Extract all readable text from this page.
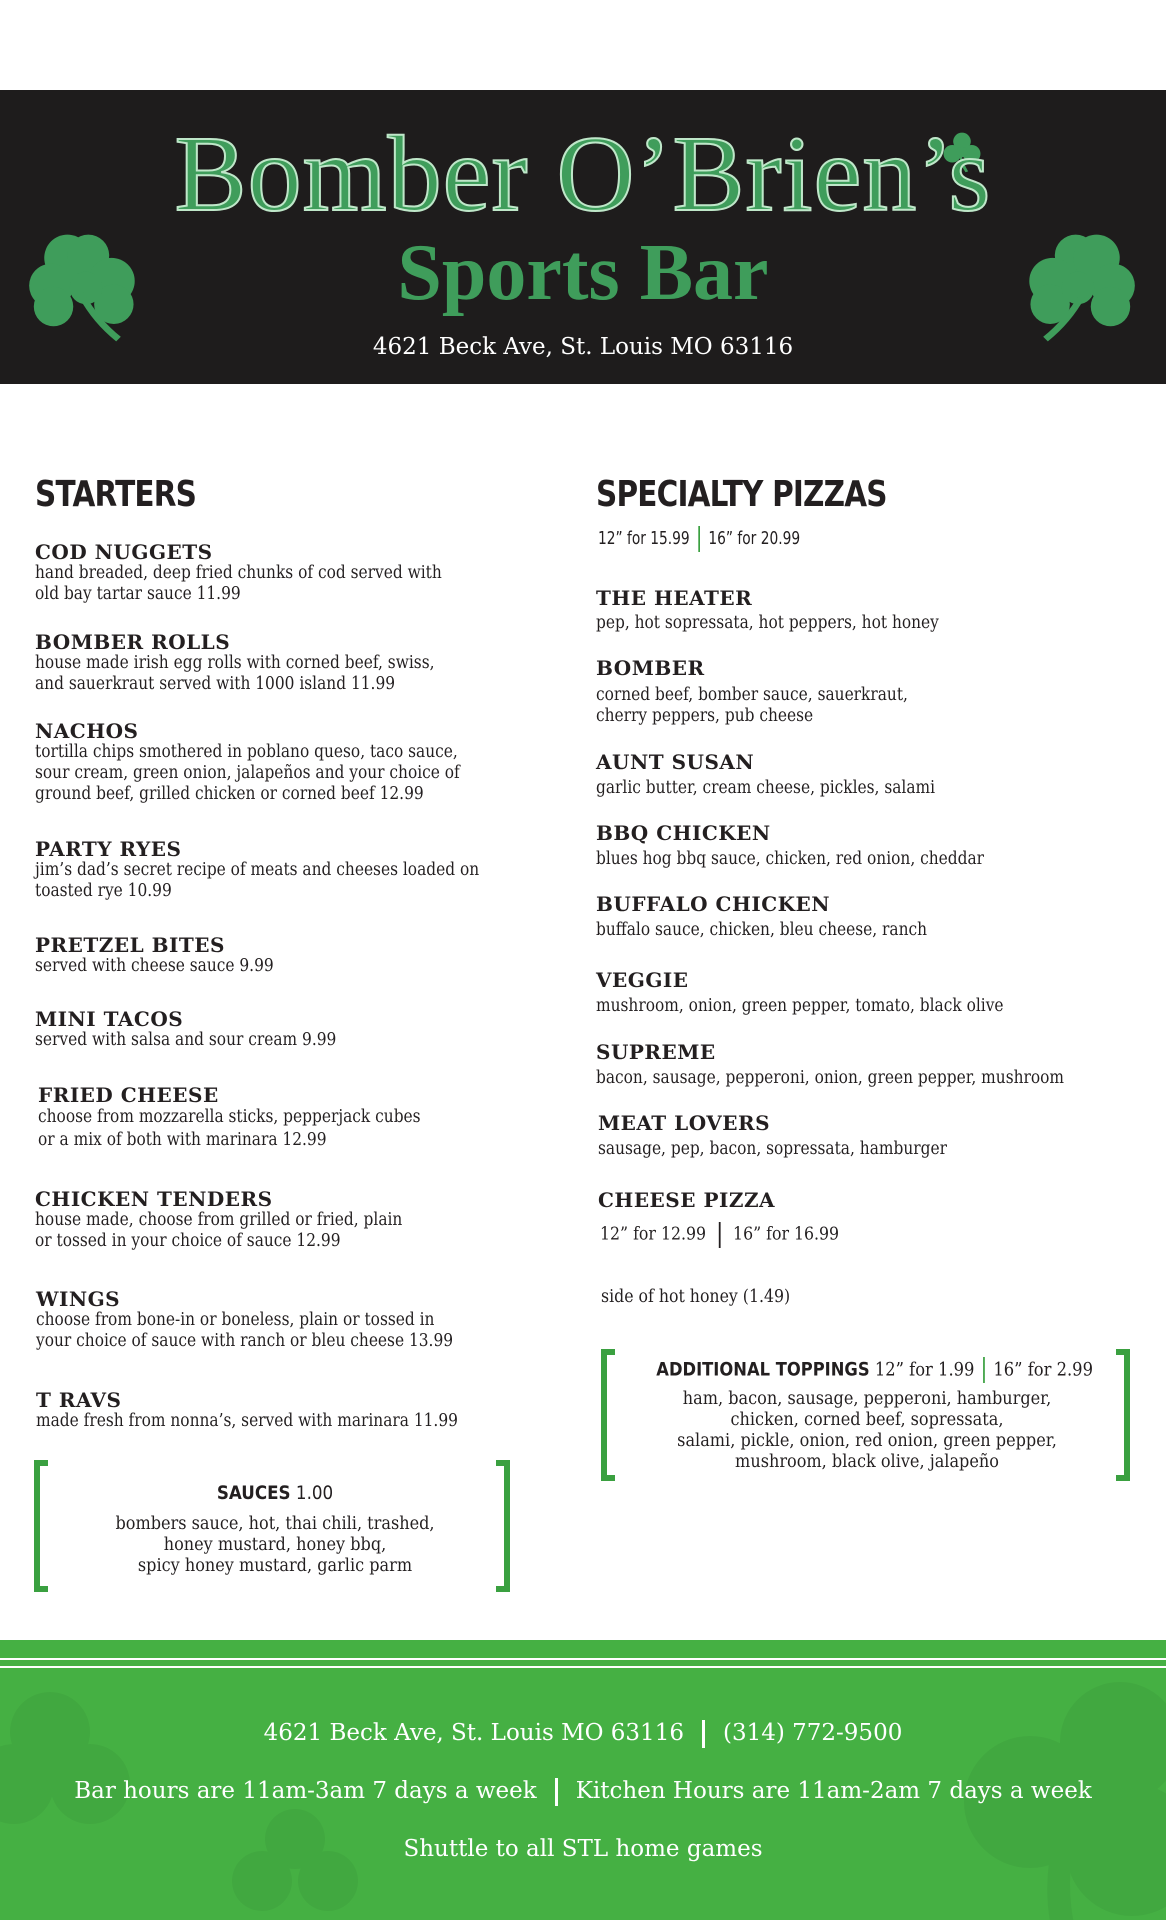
Bomber O’Brien’s
Sports Bar
4621 Beck Ave, St. Louis MO 63116
STARTERS
COD NUGGETS
hand breaded, deep fried chunks of cod served with
old bay tartar sauce 11.99
BOMBER ROLLS
house made irish egg rolls with corned beef, swiss,
and sauerkraut served with 1000 island 11.99
NACHOS
tortilla chips smothered in poblano queso, taco sauce,
sour cream, green onion, jalapeños and your choice of
ground beef, grilled chicken or corned beef 12.99
PARTY RYES
jim’s dad’s secret recipe of meats and cheeses loaded on
toasted rye 10.99
PRETZEL BITES
served with cheese sauce 9.99
MINI TACOS
served with salsa and sour cream 9.99
FRIED CHEESE
choose from mozzarella sticks, pepperjack cubes
or a mix of both with marinara 12.99
CHICKEN TENDERS
house made, choose from grilled or fried, plain
or tossed in your choice of sauce 12.99
WINGS
choose from bone-in or boneless, plain or tossed in
your choice of sauce with ranch or bleu cheese 13.99
T RAVS
made fresh from nonna’s, served with marinara 11.99
SAUCES 1.00
bombers sauce, hot, thai chili, trashed,
honey mustard, honey bbq,
spicy honey mustard, garlic parm
SPECIALTY PIZZAS
12” for 15.99 16” for 20.99
THE HEATER
pep, hot sopressata, hot peppers, hot honey
BOMBER
corned beef, bomber sauce, sauerkraut,
cherry peppers, pub cheese
AUNT SUSAN
garlic butter, cream cheese, pickles, salami
BBQ CHICKEN
blues hog bbq sauce, chicken, red onion, cheddar
BUFFALO CHICKEN
buffalo sauce, chicken, bleu cheese, ranch
VEGGIE
mushroom, onion, green pepper, tomato, black olive
SUPREME
bacon, sausage, pepperoni, onion, green pepper, mushroom
MEAT LOVERS
sausage, pep, bacon, sopressata, hamburger
CHEESE PIZZA
12” for 12.99 16” for 16.99
side of hot honey (1.49)
ADDITIONAL TOPPINGS 12” for 1.99 16” for 2.99
ham, bacon, sausage, pepperoni, hamburger,
chicken, corned beef, sopressata,
salami, pickle, onion, red onion, green pepper,
mushroom, black olive, jalapeño
4621 Beck Ave, St. Louis MO 63116 (314) 772-9500
Bar hours are 11am-3am 7 days a week Kitchen Hours are 11am-2am 7 days a week
Shuttle to all STL home games
